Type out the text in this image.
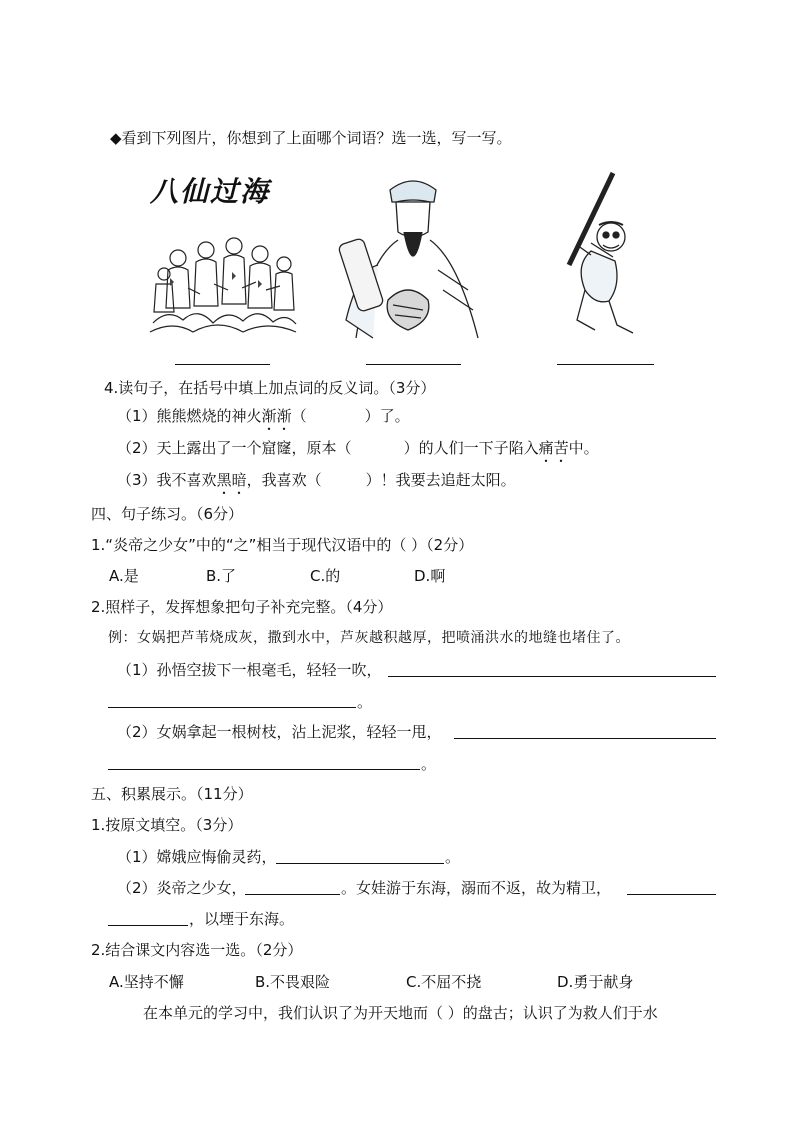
◆看到下列图片，你想到了上面哪个词语？选一选，写一写。
八仙过海
4.读句子，在括号中填上加点词的反义词。（3分）
（1）熊熊燃烧的神火渐渐（	）了。
（2）天上露出了一个窟窿，原本（	）的人们一下子陷入痛苦中。
（3）我不喜欢黑暗，我喜欢（	）！我要去追赶太阳。
四、句子练习。（6分）
1.“炎帝之少女”中的“之”相当于现代汉语中的（ ）（2分）
A.是	B.了	C.的	D.啊
2.照样子，发挥想象把句子补充完整。（4分）
例：女娲把芦苇烧成灰，撒到水中，芦灰越积越厚，把喷涌洪水的地缝也堵住了。
（1）孙悟空拔下一根毫毛，轻轻一吹，
。
（2）女娲拿起一根树枝，沾上泥浆，轻轻一甩，
。
五、积累展示。（11分）
1.按原文填空。（3分）
（1）嫦娥应悔偷灵药，	。
（2）炎帝之少女，	。女娃游于东海，溺而不返，故为精卫，
，以堙于东海。
2.结合课文内容选一选。（2分）
A.坚持不懈	B.不畏艰险	C.不屈不挠	D.勇于献身
在本单元的学习中，我们认识了为开天地而（ ）的盘古；认识了为救人们于水
